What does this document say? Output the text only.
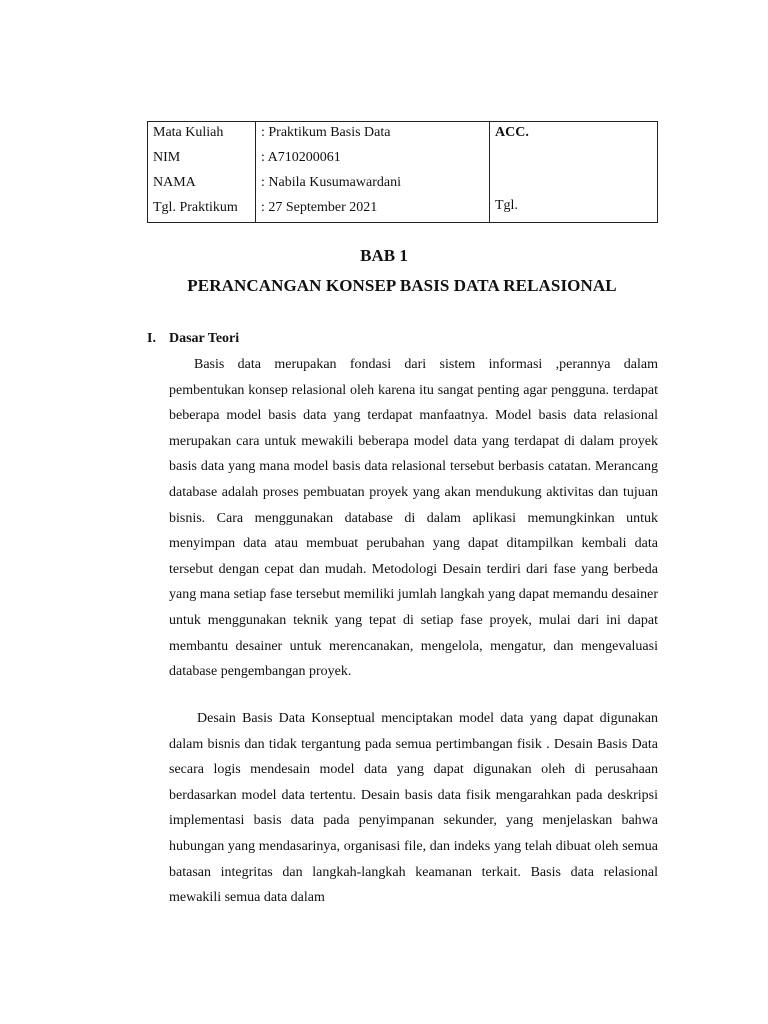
Mata Kuliah
NIM
NAMA
Tgl. Praktikum
: Praktikum Basis Data
: A710200061
: Nabila Kusumawardani
: 27 September 2021
ACC.
Tgl.
BAB 1
PERANCANGAN KONSEP BASIS DATA RELASIONAL
I. Dasar Teori

Basis data merupakan fondasi dari sistem informasi ,perannya dalam pembentukan konsep relasional oleh karena itu sangat penting agar pengguna. terdapat beberapa model basis data yang terdapat manfaatnya. Model basis data relasional merupakan cara untuk mewakili beberapa model data yang terdapat di dalam proyek basis data yang mana model basis data relasional tersebut berbasis catatan. Merancang database adalah proses pembuatan proyek yang akan mendukung aktivitas dan tujuan bisnis. Cara menggunakan database di dalam aplikasi memungkinkan untuk menyimpan data atau membuat perubahan yang dapat ditampilkan kembali data tersebut dengan cepat dan mudah. Metodologi Desain terdiri dari fase yang berbeda yang mana setiap fase tersebut memiliki jumlah langkah yang dapat memandu desainer untuk menggunakan teknik yang tepat di setiap fase proyek, mulai dari ini dapat membantu desainer untuk merencanakan, mengelola, mengatur, dan mengevaluasi database pengembangan proyek.

Desain Basis Data Konseptual menciptakan model data yang dapat digunakan dalam bisnis dan tidak tergantung pada semua pertimbangan fisik . Desain Basis Data secara logis mendesain model data yang dapat digunakan oleh di perusahaan berdasarkan model data tertentu. Desain basis data fisik mengarahkan pada deskripsi implementasi basis data pada penyimpanan sekunder, yang menjelaskan bahwa hubungan yang mendasarinya, organisasi file, dan indeks yang telah dibuat oleh semua batasan integritas dan langkah-langkah keamanan terkait. Basis data relasional mewakili semua data dalam
